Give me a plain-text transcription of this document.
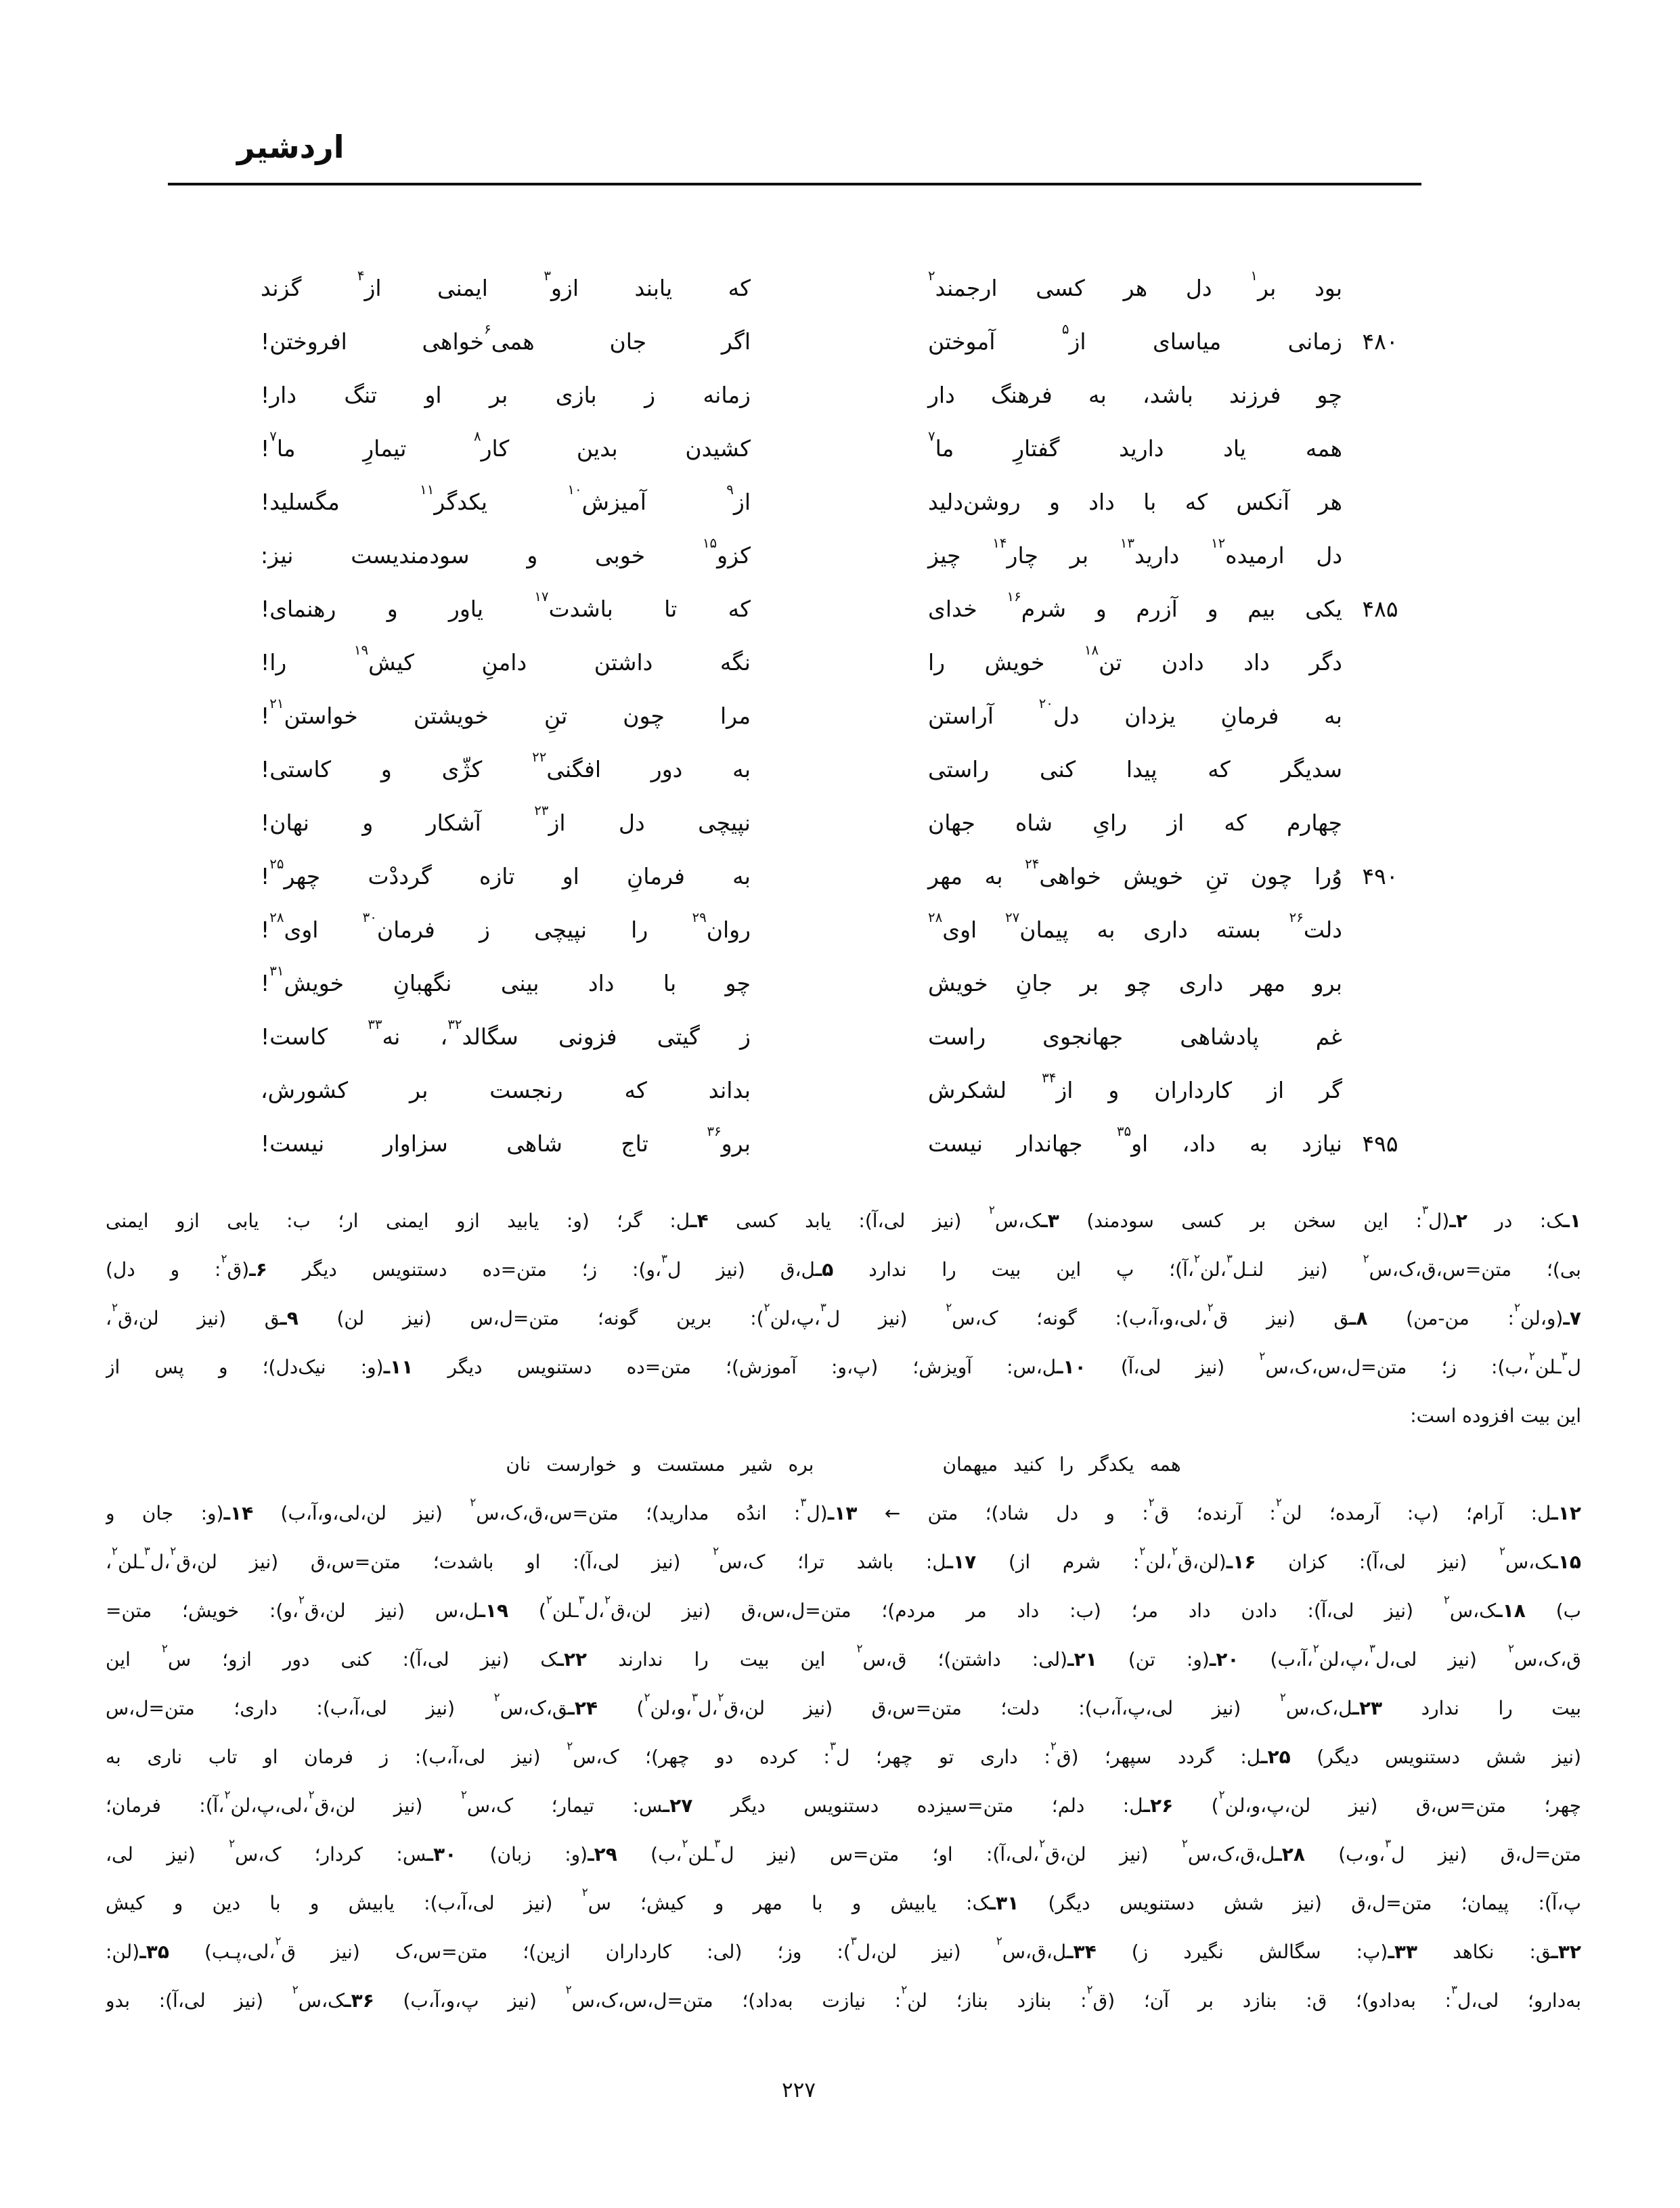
اردشیر
بود بر$^۱$ دل هر کسی ارجمند$^۲$
که یابند ازو$^۳$ ایمنی از$^۴$ گزند
۴۸۰
زمانی میاسای از$^۵$ آموختن
اگر جان همی$^۶$‌خواهی افروختن!
چو فرزند باشد، به فرهنگ دار
زمانه ز بازی بر او تنگ دار!
همه یاد دارید گفتارِ ما$^۷$
کشیدن بدین کار$^۸$ تیمارِ ما$^۷$!
هر آنکس که با داد و روشن‌دلید
از$^۹$ آمیزش$^{۱۰}$ یکدگر$^{۱۱}$ مگسلید!
دل ارمیده$^{۱۲}$ دارید$^{۱۳}$ بر چار$^{۱۴}$ چیز
کزو$^{۱۵}$ خوبی و سودمندیست نیز:
۴۸۵
یکی بیم و آزرم و شرم$^{۱۶}$ خدای
که تا باشدت$^{۱۷}$ یاور و رهنمای!
دگر داد دادن تن$^{۱۸}$ خویش را
نگه داشتن دامنِ کیش$^{۱۹}$ را!
به فرمانِ یزدان دل$^{۲۰}$ آراستن
مرا چون تنِ خویشتن خواستن$^{۲۱}$!
سدیگر که پیدا کنی راستی
به دور افگنی$^{۲۲}$ کژّی و کاستی!
چهارم که از رایِ شاه جهان
نپیچی دل از$^{۲۳}$ آشکار و نهان!
۴۹۰
وُرا چون تنِ خویش خواهی$^{۲۴}$ به مهر
به فرمانِ او تازه گرددْت چهر$^{۲۵}$!
دلت$^{۲۶}$ بسته داری به پیمان$^{۲۷}$ اوی$^{۲۸}$
روان$^{۲۹}$ را نپیچی ز فرمان$^{۳۰}$ اوی$^{۲۸}$!
برو مهر داری چو بر جانِ خویش
چو با داد بینی نگهبانِ خویش$^{۳۱}$!
غم پادشاهی جهانجوی راست
ز گیتی فزونی سگالد$^{۳۲}$، نه$^{۳۳}$ کاست!
گر از کارداران و از$^{۳۴}$ لشکرش
بداند که رنجست بر کشورش،
۴۹۵
نیازد به داد، او$^{۳۵}$ جهاندار نیست
برو$^{۳۶}$ تاج شاهی سزاوار نیست!

۱ـک: در ۲ـ(ل$^۳$: این سخن بر کسی سودمند) ۳ـک،س$^۲$ (نیز لی،آ): یابد کسی ۴ـل: گر؛ (و: یابید ازو ایمنی ار؛ ب: یابی ازو ایمنی

بی)؛ متن=س،ق،ک،س$^۲$ (نیز لنـل$^۳$،لن$^۲$،آ)؛ پ این بیت را ندارد ۵ـل،ق (نیز ل$^۳$،و): ز؛ متن=ده دستنویس دیگر ۶ـ(ق$^۲$: و دل)

۷ـ(و،لن$^۲$: من-من) ۸ـق (نیز ق$^۲$،لی،و،آ،ب): گونه؛ ک،س$^۲$ (نیز ل$^۳$،پ،لن$^۲$): برین گونه؛ متن=ل،س (نیز لن) ۹ـق (نیز لن،ق$^۲$،

ل$^۳$ـلن$^۲$،ب): ز؛ متن=ل،س،ک،س$^۲$ (نیز لی،آ) ۱۰ـل،س: آویزش؛ (پ،و: آموزش)؛ متن=ده دستنویس دیگر ۱۱ـ(و: نیک‌دل)؛ و پس از

این بیت افزوده است:

همه یکدگر را کنید میهمان
بره شیر مستست و خوارست نان

۱۲ـل: آرام؛ (پ: آرمده؛ لن$^۲$: آرنده؛ ق$^۲$: و دل شاد)؛ متن ← ۱۳ـ(ل$^۳$: اندُه مدارید)؛ متن=س،ق،ک،س$^۲$ (نیز لن،لی،و،آ،ب) ۱۴ـ(و: جان و

۱۵ـک،س$^۲$ (نیز لی،آ): کزان ۱۶ـ(لن،ق$^۲$،لن$^۲$: شرم از) ۱۷ـل: باشد ترا؛ ک،س$^۲$ (نیز لی،آ): او باشدت؛ متن=س،ق (نیز لن،ق$^۲$،ل$^۳$ـلن$^۲$،

ب) ۱۸ـک،س$^۲$ (نیز لی،آ): دادن داد مر؛ (ب: داد مر مردم)؛ متن=ل،س،ق (نیز لن،ق$^۲$،ل$^۳$ـلن$^۲$) ۱۹ـل،س (نیز لن،ق$^۲$،و): خویش؛ متن=

ق،ک،س$^۲$ (نیز لی،ل$^۳$،پ،لن$^۲$،آ،ب) ۲۰ـ(و: تن) ۲۱ـ(لی: داشتن)؛ ق،س$^۲$ این بیت را ندارند ۲۲ـک (نیز لی،آ): کنی دور ازو؛ س$^۲$ این

بیت را ندارد ۲۳ـل،ک،س$^۲$ (نیز لی،پ،آ،ب): دلت؛ متن=س،ق (نیز لن،ق$^۲$،ل$^۳$،و،لن$^۲$) ۲۴ـق،ک،س$^۲$ (نیز لی،آ،ب): داری؛ متن=ل،س

(نیز شش دستنویس دیگر) ۲۵ـل: گردد سپهر؛ (ق$^۲$: داری تو چهر؛ ل$^۳$: کرده دو چهر)؛ ک،س$^۲$ (نیز لی،آ،ب): ز فرمان او تاب ناری به

چهر؛ متن=س،ق (نیز لن،پ،و،لن$^۲$) ۲۶ـل: دلم؛ متن=سیزده دستنویس دیگر ۲۷ـس: تیمار؛ ک،س$^۲$ (نیز لن،ق$^۲$،لی،پ،لن$^۲$،آ): فرمان؛

متن=ل،ق (نیز ل$^۳$،و،ب) ۲۸ـل،ق،ک،س$^۲$ (نیز لن،ق$^۲$،لی،آ): او؛ متن=س (نیز ل$^۳$ـلن$^۲$،ب) ۲۹ـ(و: زبان) ۳۰ـس: کردار؛ ک،س$^۲$ (نیز لی،

پ،آ): پیمان؛ متن=ل،ق (نیز شش دستنویس دیگر) ۳۱ـک: یابیش و با مهر و کیش؛ س$^۲$ (نیز لی،آ،ب): یابیش و با دین و کیش

۳۲ـق: نکاهد ۳۳ـ(پ: سگالش نگیرد ز) ۳۴ـل،ق،س$^۲$ (نیز لن،ل$^۳$): وز؛ (لی: کارداران ازین)؛ متن=س،ک (نیز ق$^۲$،لی،پـب) ۳۵ـ(لن:

به‌دارو؛ لی،ل$^۳$: به‌دادو)؛ ق: بنازد بر آن؛ (ق$^۲$: بنازد بناز؛ لن$^۲$: نیازت به‌داد)؛ متن=ل،س،ک،س$^۲$ (نیز پ،و،آ،ب) ۳۶ـک،س$^۲$ (نیز لی،آ): بدو

۲۲۷
